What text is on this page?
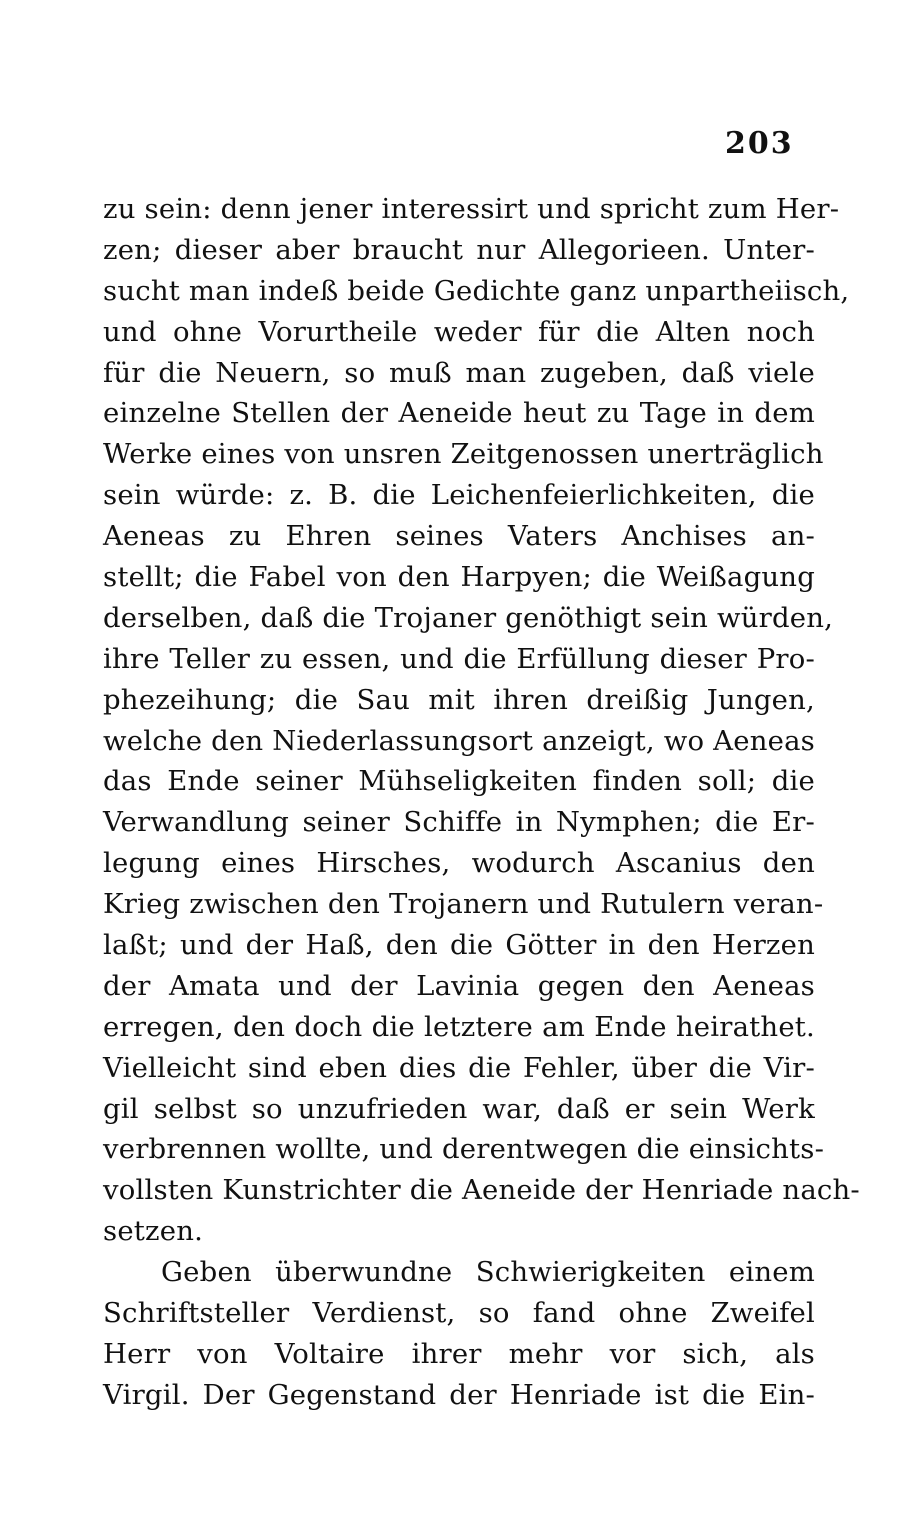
203
zu sein: denn jener interessirt und spricht zum Her-
zen; dieser aber braucht nur Allegorieen. Unter-
sucht man indeß beide Gedichte ganz unpartheiisch,
und ohne Vorurtheile weder für die Alten noch
für die Neuern, so muß man zugeben, daß viele
einzelne Stellen der Aeneide heut zu Tage in dem
Werke eines von unsren Zeitgenossen unerträglich
sein würde: z. B. die Leichenfeierlichkeiten, die
Aeneas zu Ehren seines Vaters Anchises an-
stellt; die Fabel von den Harpyen; die Weißagung
derselben, daß die Trojaner genöthigt sein würden,
ihre Teller zu essen, und die Erfüllung dieser Pro-
phezeihung; die Sau mit ihren dreißig Jungen,
welche den Niederlassungsort anzeigt, wo Aeneas
das Ende seiner Mühseligkeiten finden soll; die
Verwandlung seiner Schiffe in Nymphen; die Er-
legung eines Hirsches, wodurch Ascanius den
Krieg zwischen den Trojanern und Rutulern veran-
laßt; und der Haß, den die Götter in den Herzen
der Amata und der Lavinia gegen den Aeneas
erregen, den doch die letztere am Ende heirathet.
Vielleicht sind eben dies die Fehler, über die Vir-
gil selbst so unzufrieden war, daß er sein Werk
verbrennen wollte, und derentwegen die einsichts-
vollsten Kunstrichter die Aeneide der Henriade nach-
setzen.
Geben überwundne Schwierigkeiten einem
Schriftsteller Verdienst, so fand ohne Zweifel
Herr von Voltaire ihrer mehr vor sich, als
Virgil. Der Gegenstand der Henriade ist die Ein-
